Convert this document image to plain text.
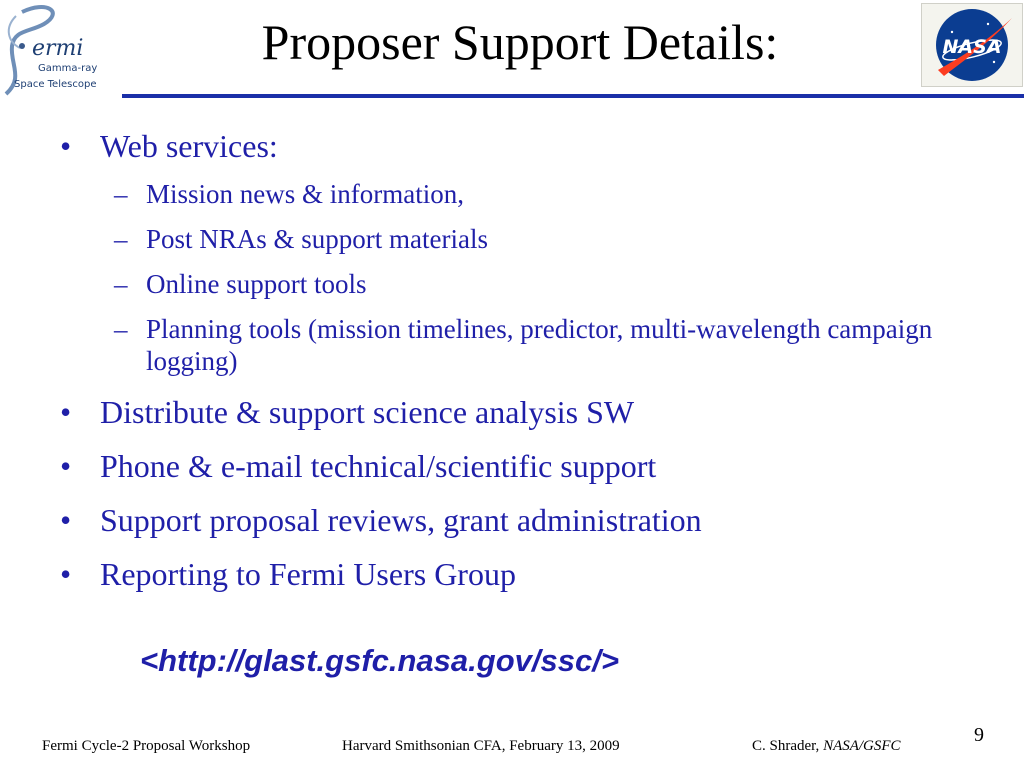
ermi
Gamma-ray
Space Telescope
Proposer Support Details:	NASA
• Web services:
– Mission news & information,
– Post NRAs & support materials
– Online support tools
– Planning tools (mission timelines, predictor, multi-wavelength campaign logging)
• Distribute & support science analysis SW
• Phone & e-mail technical/scientific support
• Support proposal reviews, grant administration
• Reporting to Fermi Users Group
<http://glast.gsfc.nasa.gov/ssc/>
9
Fermi Cycle-2 Proposal Workshop	Harvard Smithsonian CFA, February 13, 2009	C. Shrader, NASA/GSFC
